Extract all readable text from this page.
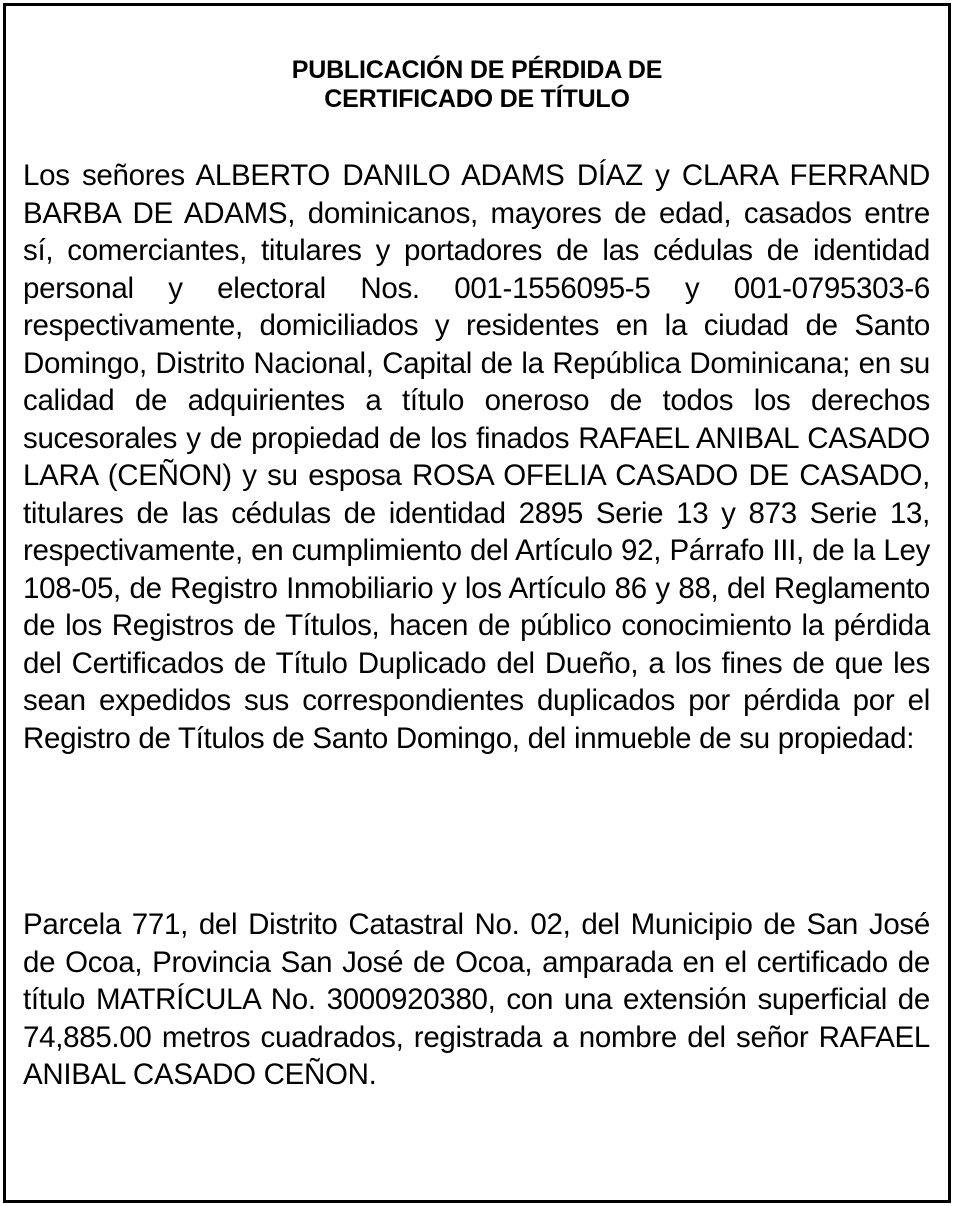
PUBLICACIÓN DE PÉRDIDA DE
CERTIFICADO DE TÍTULO

Los señores ALBERTO DANILO ADAMS DÍAZ y CLARA FERRAND BARBA DE ADAMS, dominicanos, mayores de edad, casados entre sí, comerciantes, titulares y portadores de las cédulas de identidad personal y electoral Nos. 001-1556095-5 y 001-0795303-6 respectivamente, domiciliados y residentes en la ciudad de Santo Domingo, Distrito Nacional, Capital de la República Dominicana; en su calidad de adquirientes a título oneroso de todos los derechos sucesorales y de propiedad de los finados RAFAEL ANIBAL CASADO LARA (CEÑON) y su esposa ROSA OFELIA CASADO DE CASADO, titulares de las cédulas de identidad 2895 Serie 13 y 873 Serie 13, respectivamente, en cumplimiento del Artículo 92, Párrafo III, de la Ley 108-05, de Registro Inmobiliario y los Artículo 86 y 88, del Reglamento de los Registros de Títulos, hacen de público conocimiento la pérdida del Certificados de Título Duplicado del Dueño, a los fines de que les sean expedidos sus correspondientes duplicados por pérdida por el Registro de Títulos de Santo Domingo, del inmueble de su propiedad:

Parcela 771, del Distrito Catastral No. 02, del Municipio de San José de Ocoa, Provincia San José de Ocoa, amparada en el certificado de título MATRÍCULA No. 3000920380, con una extensión superficial de 74,885.00 metros cuadrados, registrada a nombre del señor RAFAEL ANIBAL CASADO CEÑON.
